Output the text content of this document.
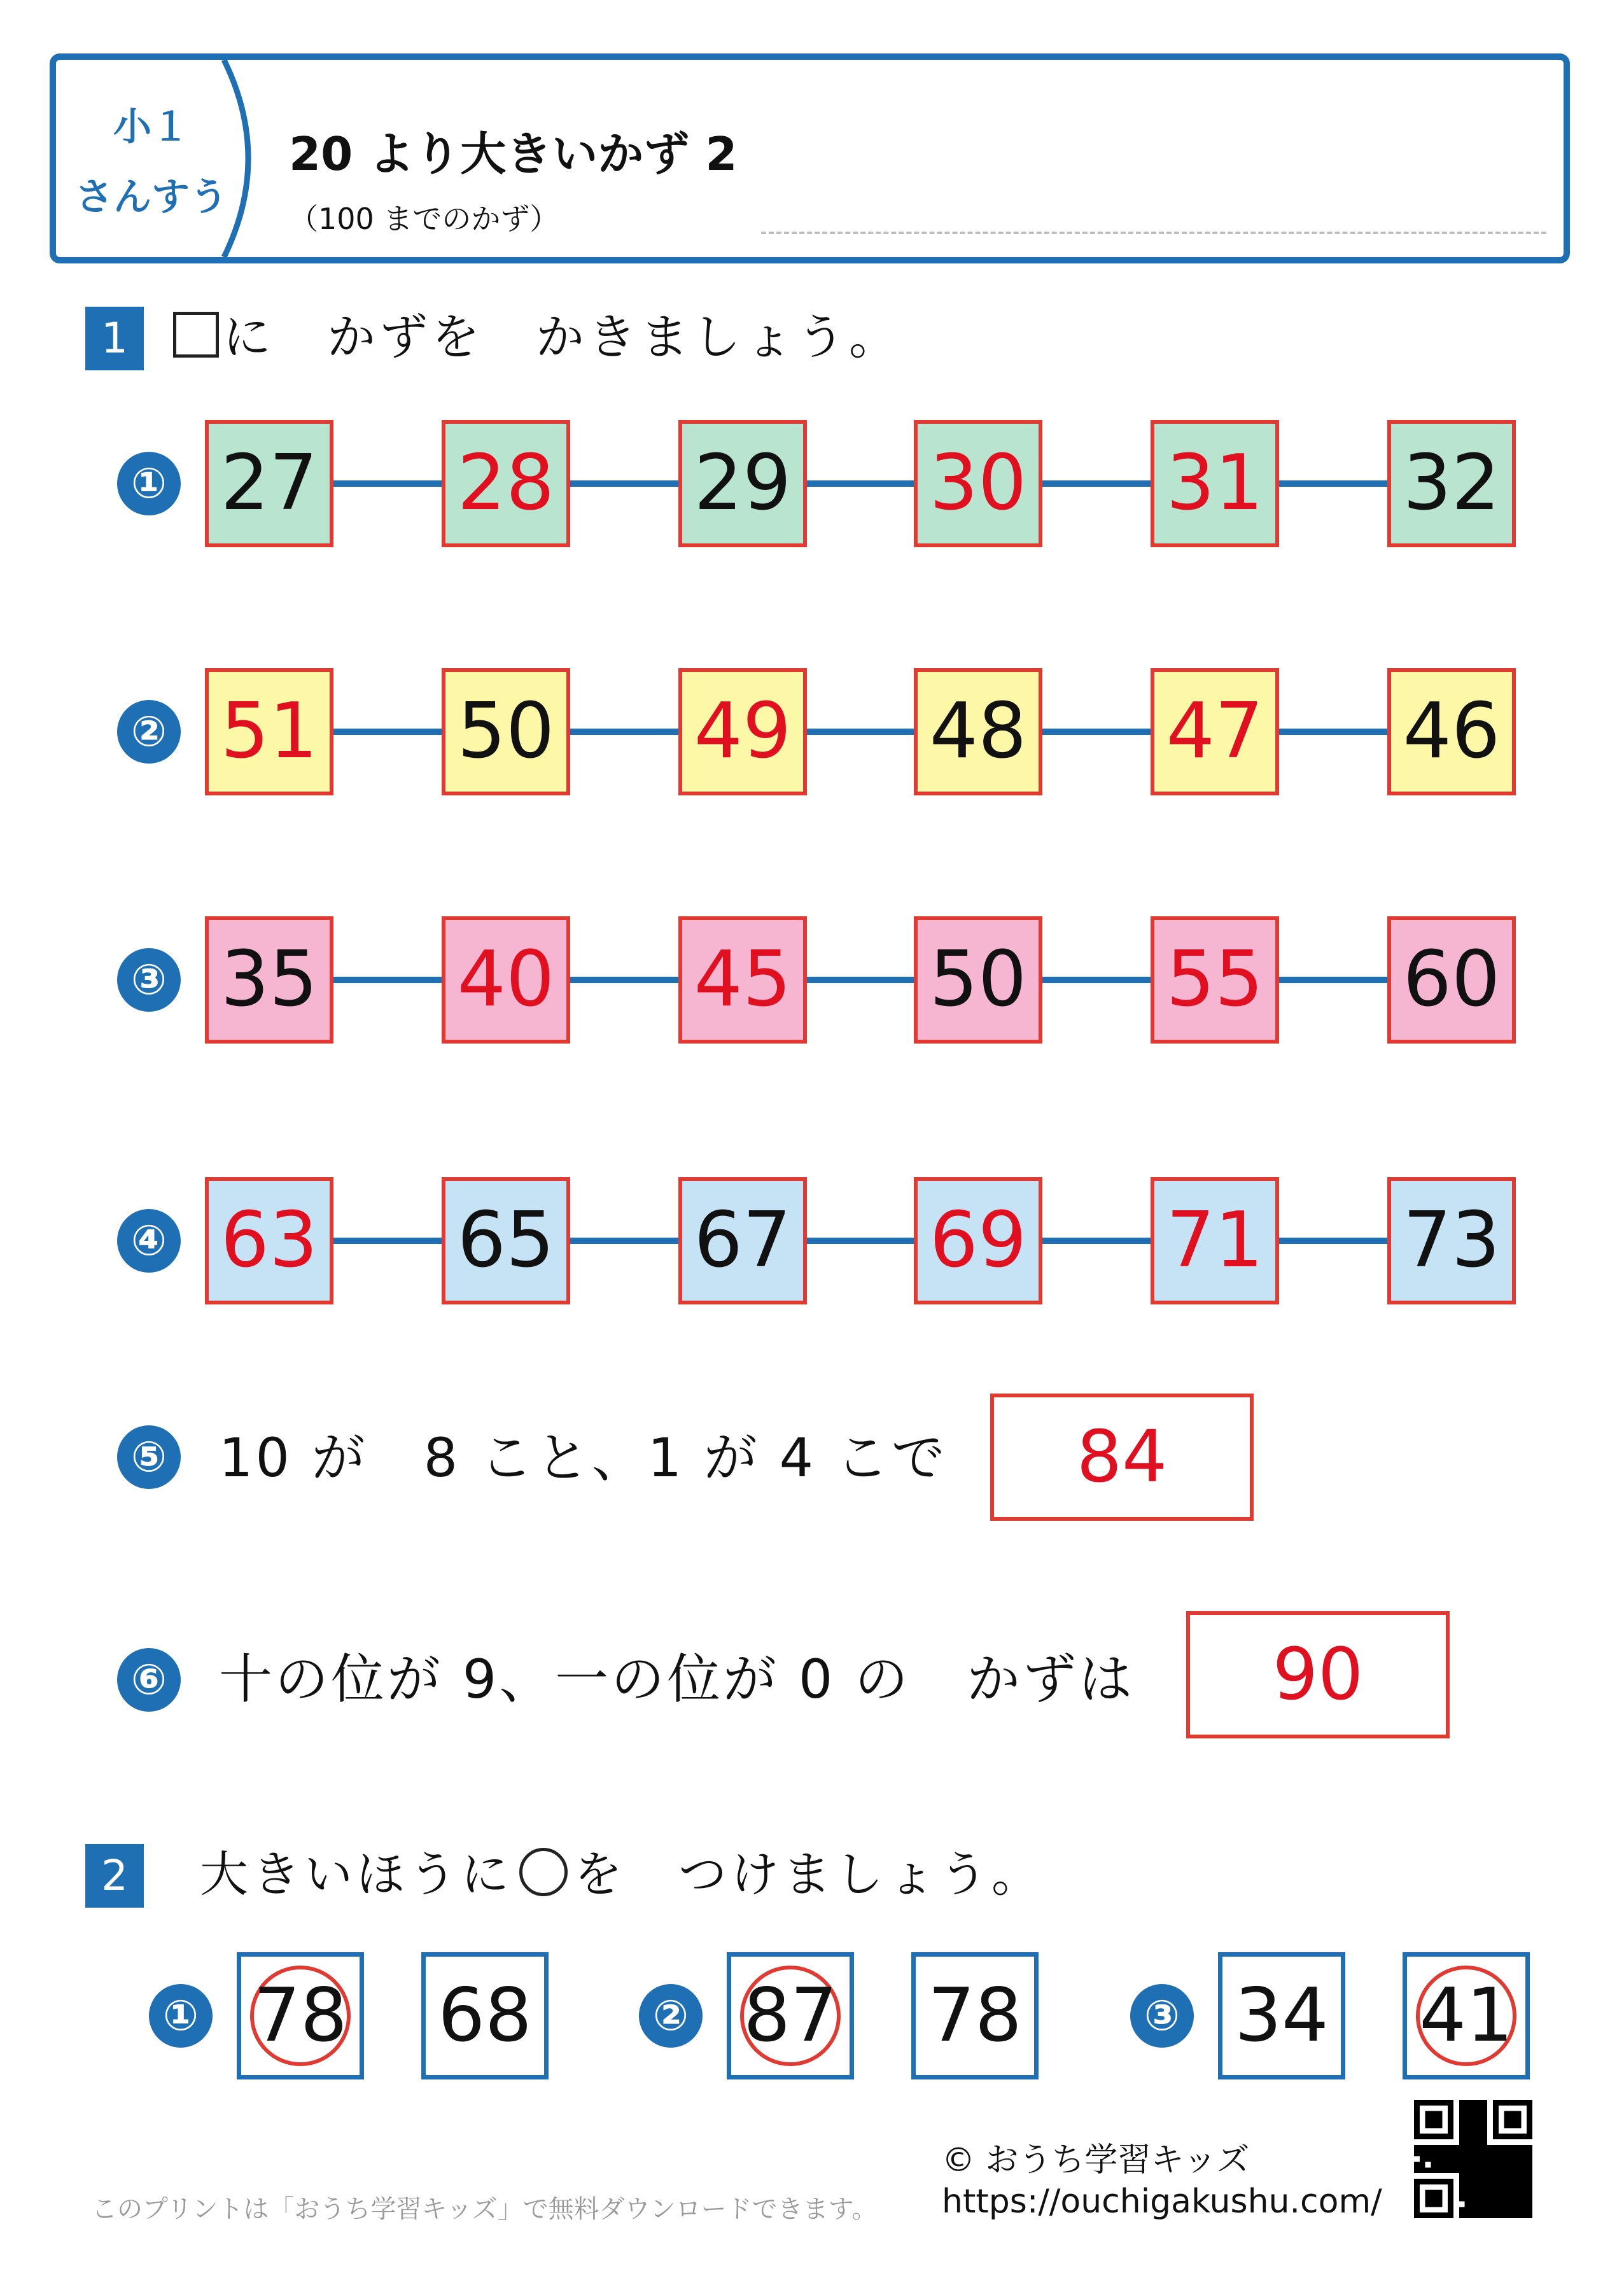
小１
さんすう
20 より大きいかず 2
（100 までのかず）
1	に　かずを　かきましょう。
① 27 28 29 30 31 32
② 51 50 49 48 47 46
③ 35 40 45 50 55 60
④ 63 65 67 69 71 73
⑤ 10 が　8 こと、1 が 4 こで	84
⑥ 十の位が 9、一の位が 0 の　かずは	90
2	大きいほうに ○ を　つけましょう。
① 78 68	② 87 78	③ 34 41
© おうち学習キッズ
https://ouchigakushu.com/
このプリントは「おうち学習キッズ」で無料ダウンロードできます。
